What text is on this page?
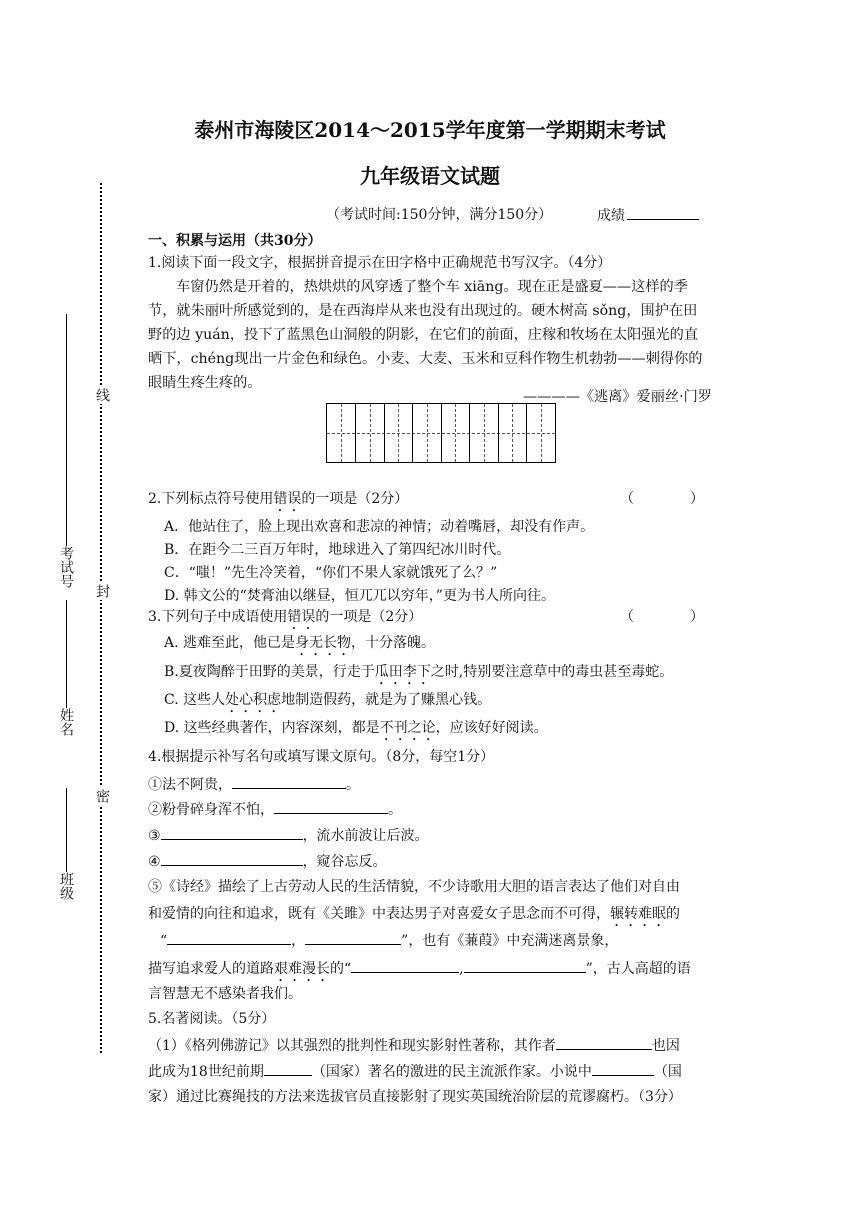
泰州市海陵区2014～2015学年度第一学期期末考试
九年级语文试题
（考试时间:150分钟，满分150分）	成绩
线
封
密
考试号
姓名
班级
一、积累与运用（共30分）
1.阅读下面一段文字，根据拼音提示在田字格中正确规范书写汉字。（4分）
车窗仍然是开着的，热烘烘的风穿透了整个车 xiāng。现在正是盛夏——这样的季
节，就朱丽叶所感觉到的，是在西海岸从来也没有出现过的。硬木树高 sǒng，围护在田
野的边 yuán，投下了蓝黑色山洞般的阴影，在它们的前面，庄稼和牧场在太阳强光的直
晒下，chéng现出一片金色和绿色。小麦、大麦、玉米和豆科作物生机勃勃——刺得你的
眼睛生疼生疼的。
————《逃离》爱丽丝·门罗
2.下列标点符号使用错误的一项是（2分）	（　　　　）
A．他站住了，脸上现出欢喜和悲凉的神情；动着嘴唇，却没有作声。
B．在距今二三百万年时，地球进入了第四纪冰川时代。
C．“嗤！”先生冷笑着，“你们不果人家就饿死了么？”
D. 韩文公的“焚膏油以继昼，恒兀兀以穷年，”更为书人所向往。
3.下列句子中成语使用错误的一项是（2分）	（　　　　）
A. 逃难至此，他已是身无长物，十分落魄。
B.夏夜陶醉于田野的美景，行走于瓜田李下之时,特别要注意草中的毒虫甚至毒蛇。
C. 这些人处心积虑地制造假药，就是为了赚黑心钱。
D. 这些经典著作，内容深刻，都是不刊之论，应该好好阅读。
4.根据提示补写名句或填写课文原句。（8分，每空1分）
①法不阿贵，	。
②粉骨碎身浑不怕，	。
③	，流水前波让后波。
④	，窥谷忘反。
⑤《诗经》描绘了上古劳动人民的生活情貌，不少诗歌用大胆的语言表达了他们对自由
和爱情的向往和追求，既有《关雎》中表达男子对喜爱女子思念而不可得，辗转难眠的
“	，	”，也有《蒹葭》中充满迷离景象，
描写追求爱人的道路艰难漫长的“	,	”，古人高超的语
言智慧无不感染者我们。
5.名著阅读。（5分）
（1）《格列佛游记》以其强烈的批判性和现实影射性著称，其作者	也因
此成为18世纪前期	（国家）著名的激进的民主流派作家。小说中	（国
家）通过比赛绳技的方法来选拔官员直接影射了现实英国统治阶层的荒谬腐朽。（3分）
